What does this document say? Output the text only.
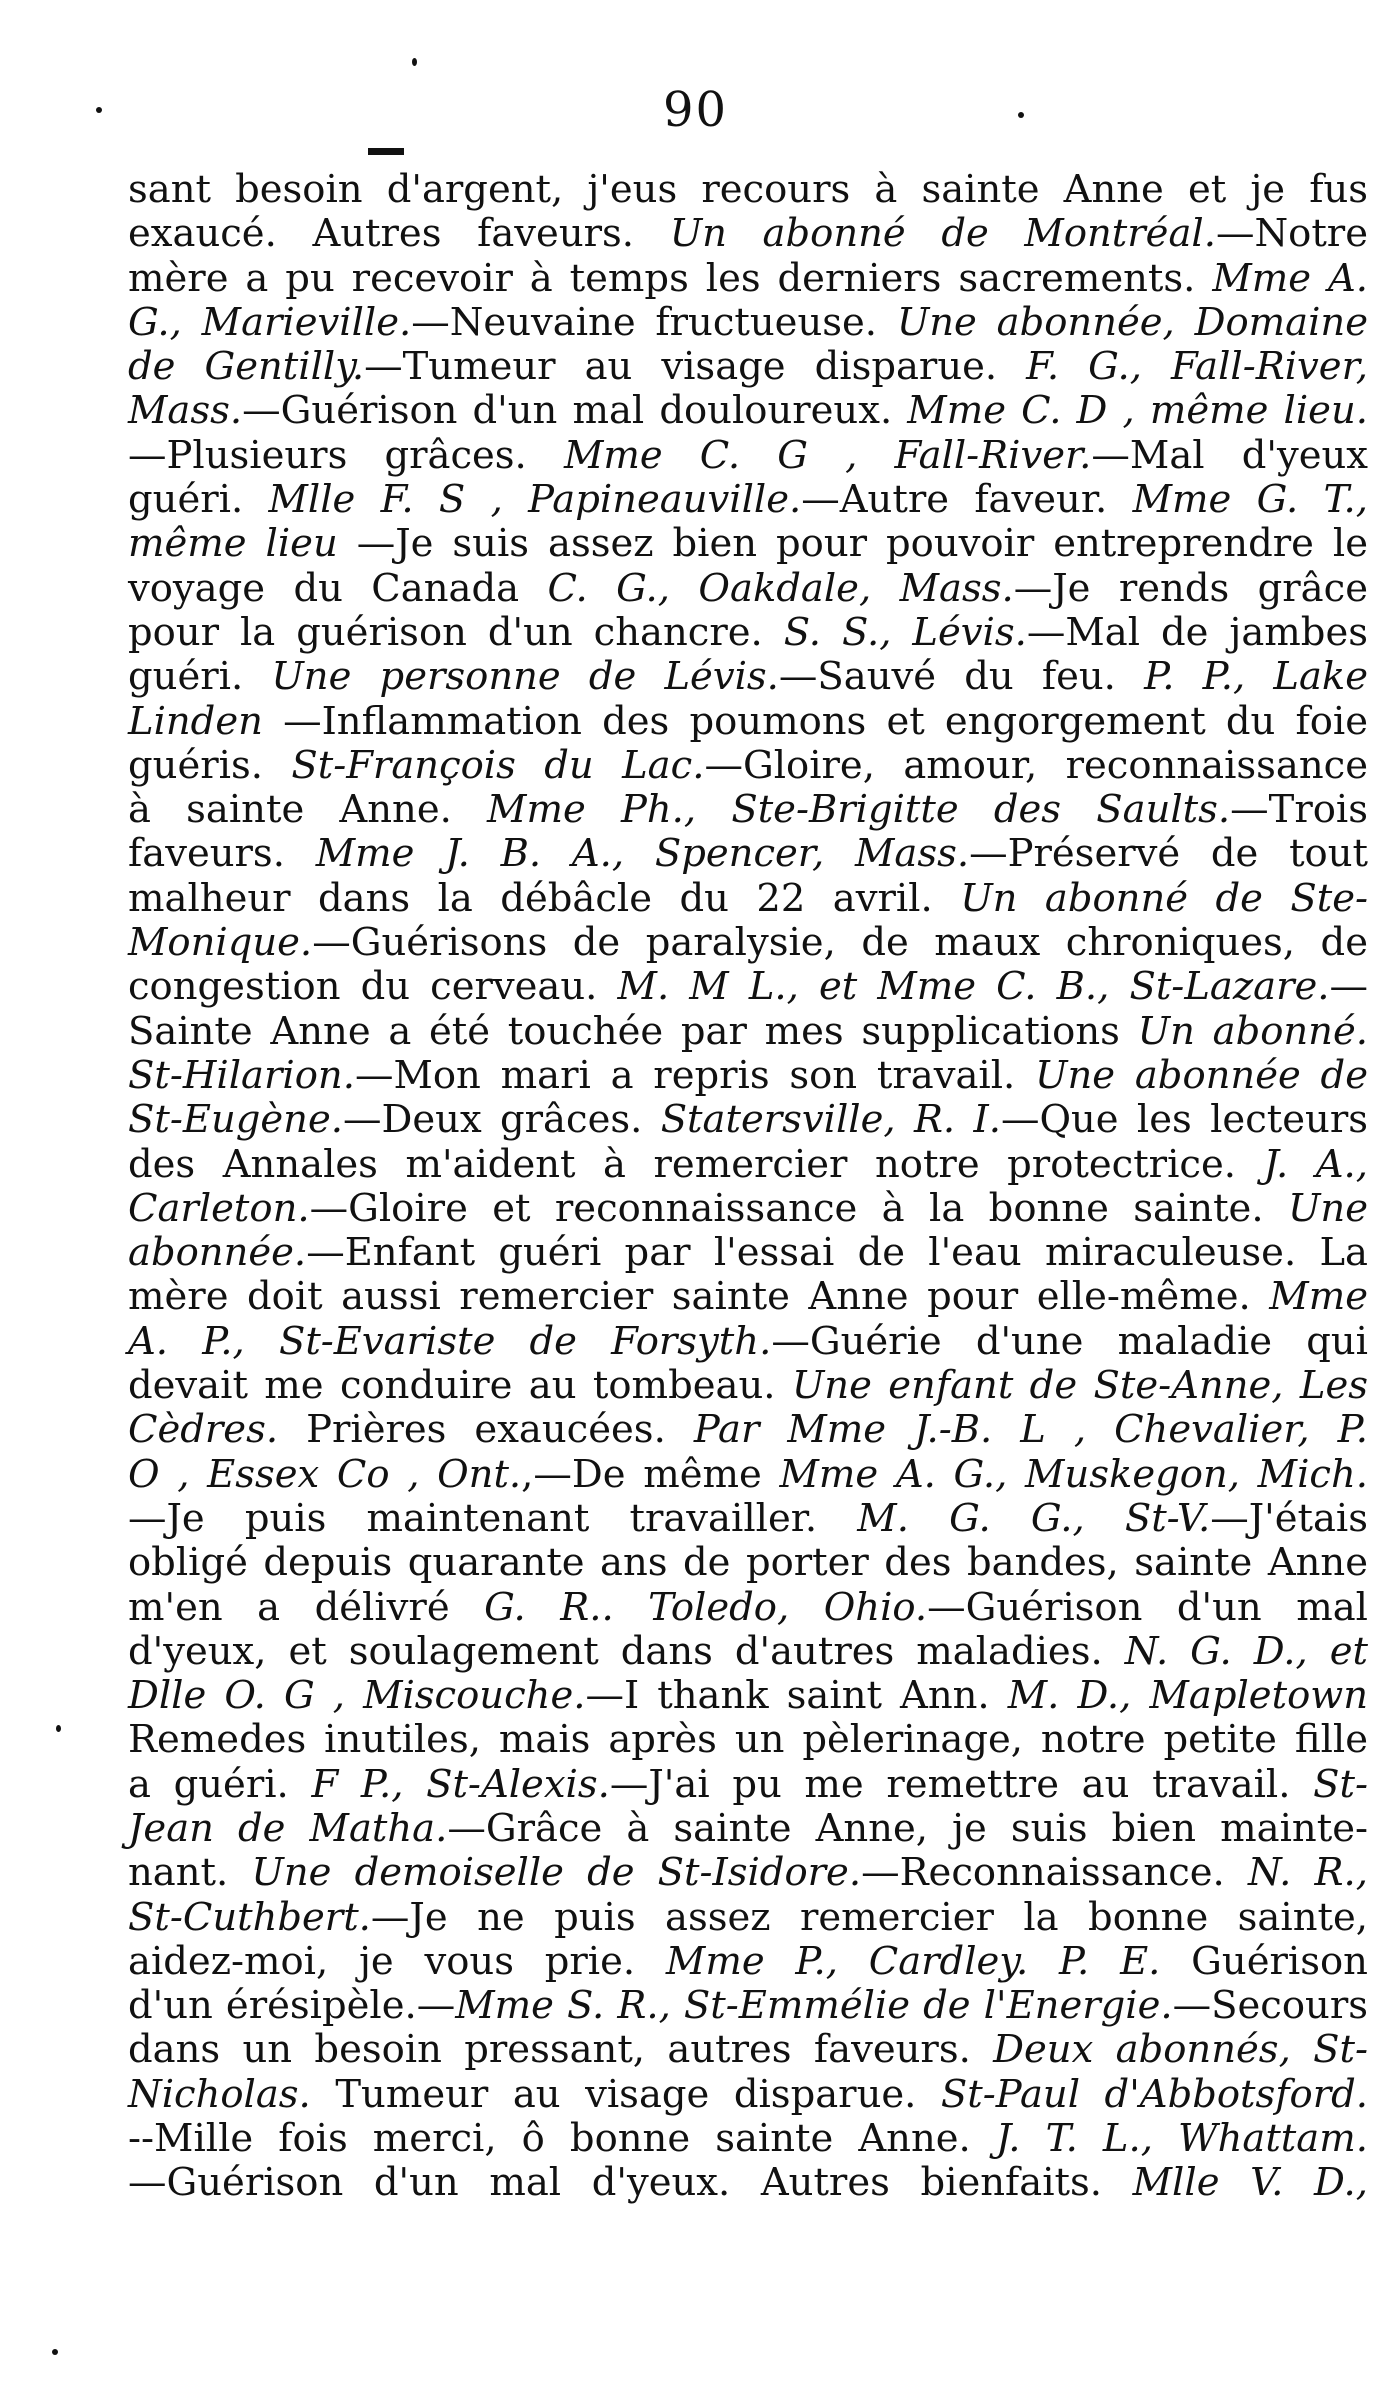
90
sant besoin d'argent, j'eus recours à sainte Anne et je fus
exaucé. Autres faveurs. Un abonné de Montréal.—Notre
mère a pu recevoir à temps les derniers sacrements. Mme A.
G., Marieville.—Neuvaine fructueuse. Une abonnée, Domaine
de Gentilly.—Tumeur au visage disparue. F. G., Fall-River,
Mass.—Guérison d'un mal douloureux. Mme C. D , même lieu.
—Plusieurs grâces. Mme C. G , Fall-River.—Mal d'yeux
guéri. Mlle F. S , Papineauville.—Autre faveur. Mme G. T.,
même lieu —Je suis assez bien pour pouvoir entreprendre le
voyage du Canada C. G., Oakdale, Mass.—Je rends grâce
pour la guérison d'un chancre. S. S., Lévis.—Mal de jambes
guéri. Une personne de Lévis.—Sauvé du feu. P. P., Lake
Linden —Inflammation des poumons et engorgement du foie
guéris. St-François du Lac.—Gloire, amour, reconnaissance
à sainte Anne. Mme Ph., Ste-Brigitte des Saults.—Trois
faveurs. Mme J. B. A., Spencer, Mass.—Préservé de tout
malheur dans la débâcle du 22 avril. Un abonné de Ste-
Monique.—Guérisons de paralysie, de maux chroniques, de
congestion du cerveau. M. M L., et Mme C. B., St-Lazare.—
Sainte Anne a été touchée par mes supplications Un abonné.
St-Hilarion.—Mon mari a repris son travail. Une abonnée de
St-Eugène.—Deux grâces. Statersville, R. I.—Que les lecteurs
des Annales m'aident à remercier notre protectrice. J. A.,
Carleton.—Gloire et reconnaissance à la bonne sainte. Une
abonnée.—Enfant guéri par l'essai de l'eau miraculeuse. La
mère doit aussi remercier sainte Anne pour elle-même. Mme
A. P., St-Evariste de Forsyth.—Guérie d'une maladie qui
devait me conduire au tombeau. Une enfant de Ste-Anne, Les
Cèdres. Prières exaucées. Par Mme J.-B. L , Chevalier, P.
O , Essex Co , Ont.,—De même Mme A. G., Muskegon, Mich.
—Je puis maintenant travailler. M. G. G., St-V.—J'étais
obligé depuis quarante ans de porter des bandes, sainte Anne
m'en a délivré G. R.. Toledo, Ohio.—Guérison d'un mal
d'yeux, et soulagement dans d'autres maladies. N. G. D., et
Dlle O. G , Miscouche.—I thank saint Ann. M. D., Mapletown
Remedes inutiles, mais après un pèlerinage, notre petite fille
a guéri. F P., St-Alexis.—J'ai pu me remettre au travail. St-
Jean de Matha.—Grâce à sainte Anne, je suis bien mainte-
nant. Une demoiselle de St-Isidore.—Reconnaissance. N. R.,
St-Cuthbert.—Je ne puis assez remercier la bonne sainte,
aidez-moi, je vous prie. Mme P., Cardley. P. E. Guérison
d'un érésipèle.—Mme S. R., St-Emmélie de l'Energie.—Secours
dans un besoin pressant, autres faveurs. Deux abonnés, St-
Nicholas. Tumeur au visage disparue. St-Paul d'Abbotsford.
--Mille fois merci, ô bonne sainte Anne. J. T. L., Whattam.
—Guérison d'un mal d'yeux. Autres bienfaits. Mlle V. D.,
